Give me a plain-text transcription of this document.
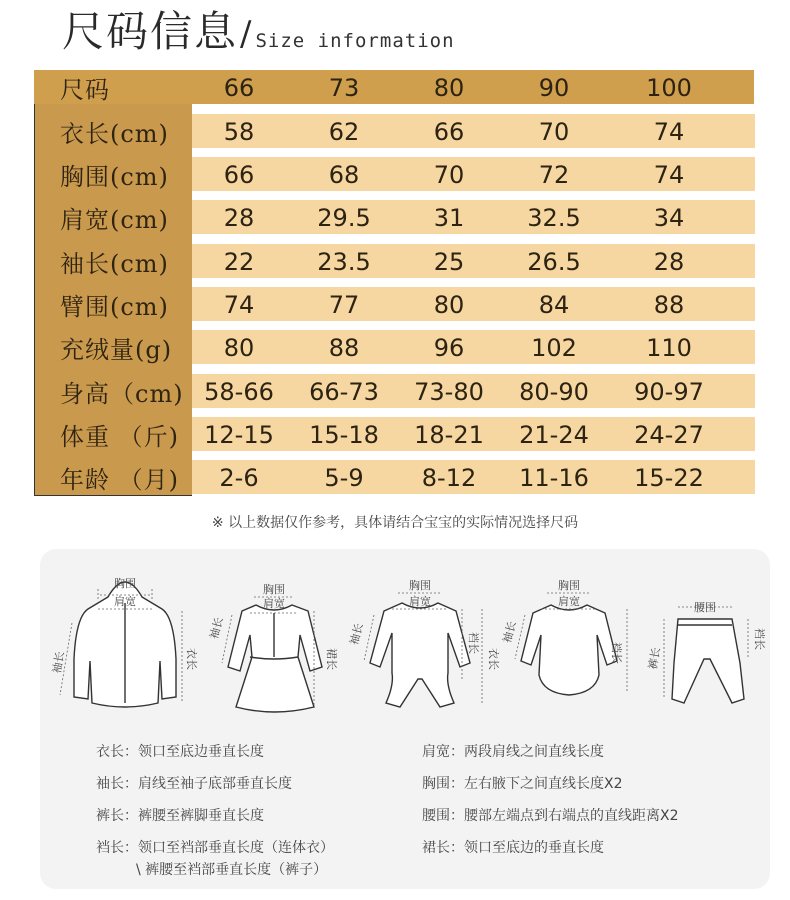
尺码信息 / Size information
尺码	66	73	80	90	100
衣长(cm)	58	62	66	70	74
胸围(cm)	66	68	70	72	74
肩宽(cm)	28	29.5	31	32.5	34
袖长(cm)	22	23.5	25	26.5	28
臂围(cm)	74	77	80	84	88
充绒量(g)	80	88	96	102	110
身高（cm) 58-66	66-73	73-80	80-90	90-97
体重 （斤)	12-15	15-18	18-21	21-24	24-27
年龄 （月)	2-6	5-9	8-12	11-16	15-22
※ 以上数据仅作参考，具体请结合宝宝的实际情况选择尺码
胸围
肩宽
衣长
袖长
胸围
肩宽
裙长
袖长
胸围
肩宽
裆长
衣长
袖长
胸围
肩宽
裆长
袖长
腰围
裆长
裤长
衣长：领口至底边垂直长度
袖长：肩线至袖子底部垂直长度
裤长：裤腰至裤脚垂直长度
裆长：领口至裆部垂直长度（连体衣）
\ 裤腰至裆部垂直长度（裤子）
肩宽：两段肩线之间直线长度
胸围：左右腋下之间直线长度X2
腰围：腰部左端点到右端点的直线距离X2
裙长：领口至底边的垂直长度
